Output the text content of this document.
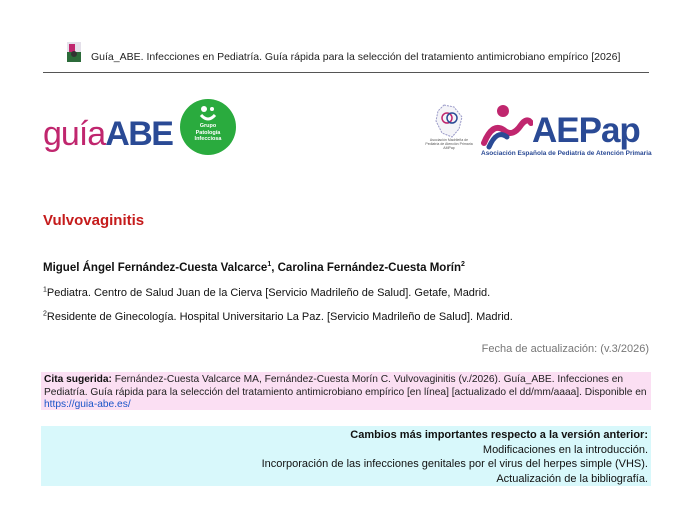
Guía_ABE. Infecciones en Pediatría. Guía rápida para la selección del tratamiento antimicrobiano empírico [2026]
guíaABE	Grupo
Patología
Infecciosa	Asociación Madrileña de Pediatría de Atención Primaria AMPap	AEPap
Asociación Española de Pediatría de Atención Primaria
Vulvovaginitis
Miguel Ángel Fernández-Cuesta Valcarce$^1$, Carolina Fernández-Cuesta Morín$^2$
$^1$Pediatra. Centro de Salud Juan de la Cierva [Servicio Madrileño de Salud]. Getafe, Madrid.
$^2$Residente de Ginecología. Hospital Universitario La Paz. [Servicio Madrileño de Salud]. Madrid.
Fecha de actualización: (v.3/2026)

Cita sugerida: Fernández-Cuesta Valcarce MA, Fernández-Cuesta Morín C. Vulvovaginitis (v./2026). Guía_ABE. Infecciones en Pediatría. Guía rápida para la selección del tratamiento antimicrobiano empírico [en línea] [actualizado el dd/mm/aaaa]. Disponible en https://guia-abe.es/

Cambios más importantes respecto a la versión anterior:
Modificaciones en la introducción.
Incorporación de las infecciones genitales por el virus del herpes simple (VHS).
Actualización de la bibliografía.
